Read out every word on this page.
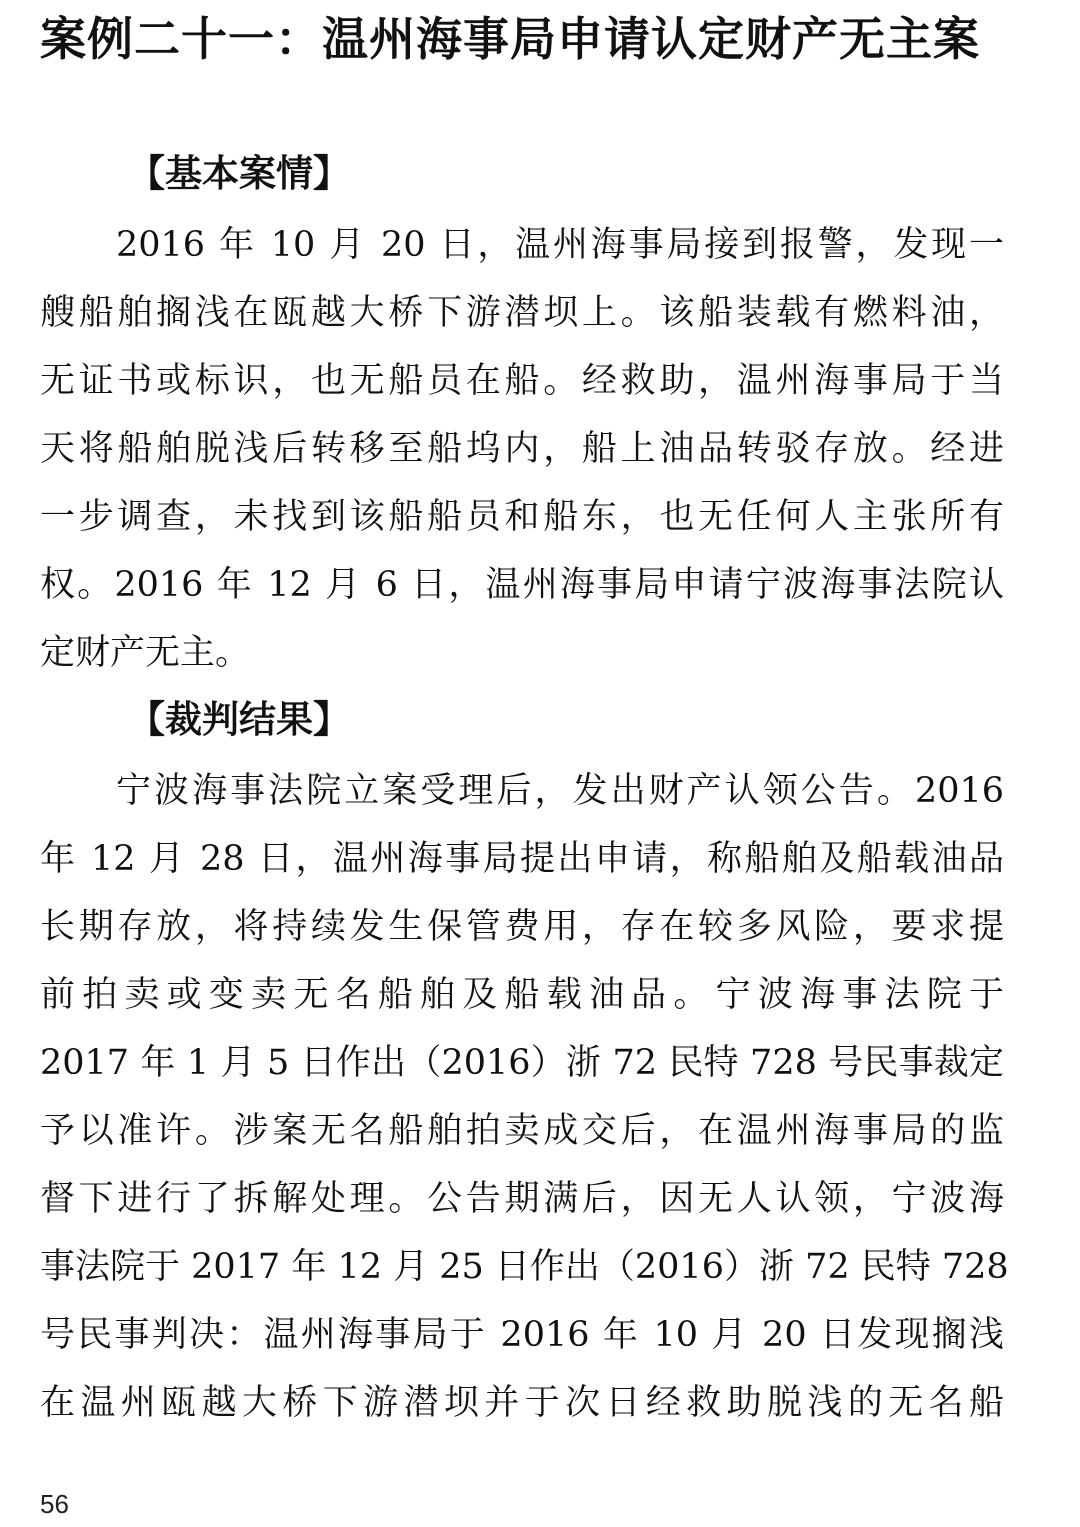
案例二十一：温州海事局申请认定财产无主案
【基本案情】

2016 年 10 月 20 日，温州海事局接到报警，发现一
艘船舶搁浅在瓯越大桥下游潜坝上。该船装载有燃料油，
无证书或标识，也无船员在船。经救助，温州海事局于当
天将船舶脱浅后转移至船坞内，船上油品转驳存放。经进
一步调查，未找到该船船员和船东，也无任何人主张所有
权。2016 年 12 月 6 日，温州海事局申请宁波海事法院认
定财产无主。

【裁判结果】

宁波海事法院立案受理后，发出财产认领公告。2016
年 12 月 28 日，温州海事局提出申请，称船舶及船载油品
长期存放，将持续发生保管费用，存在较多风险，要求提
前拍卖或变卖无名船舶及船载油品。宁波海事法院于
2017 年 1 月 5 日作出（2016）浙 72 民特 728 号民事裁定
予以准许。涉案无名船舶拍卖成交后，在温州海事局的监
督下进行了拆解处理。公告期满后，因无人认领，宁波海
事法院于 2017 年 12 月 25 日作出（2016）浙 72 民特 728
号民事判决：温州海事局于 2016 年 10 月 20 日发现搁浅
在温州瓯越大桥下游潜坝并于次日经救助脱浅的无名船

56
